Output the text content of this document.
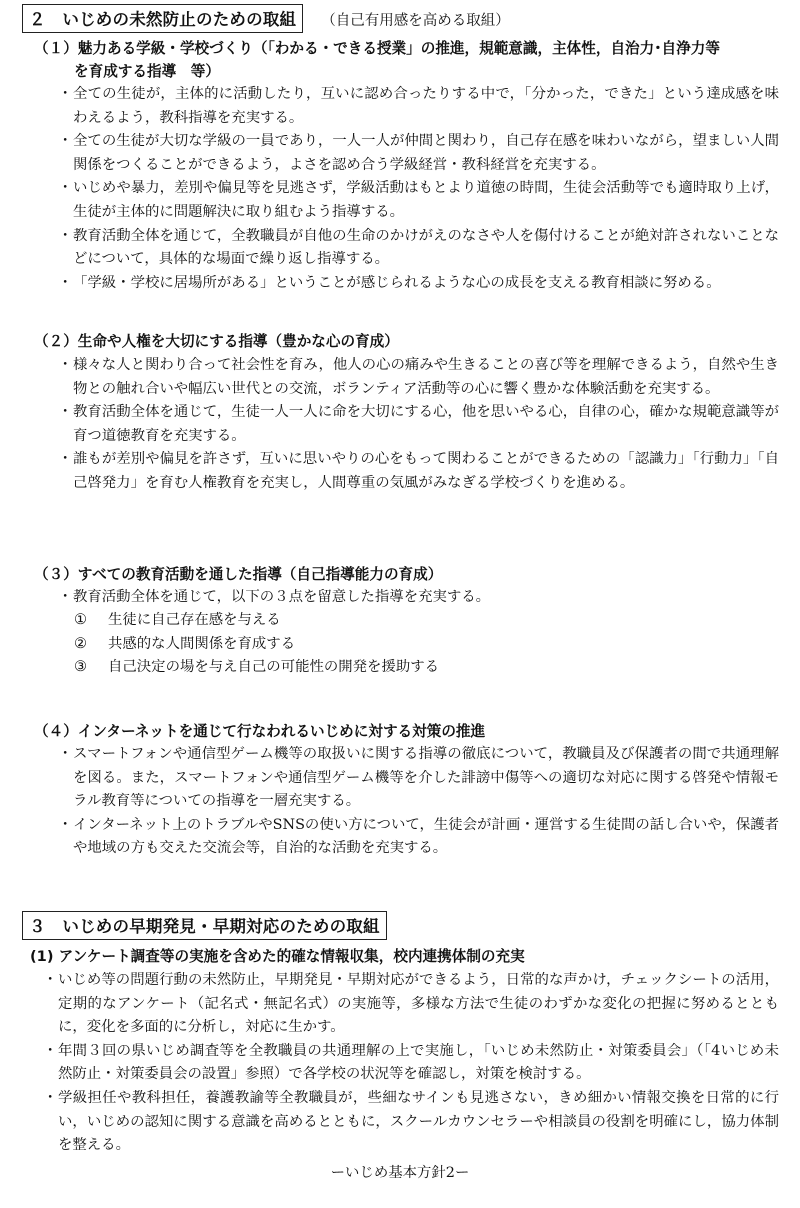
２　いじめの未然防止のための取組	（自己有用感を高める取組）
（１）魅力ある学級・学校づくり（「わかる・できる授業」の推進，規範意識，主体性，自治力･自浄力等
を育成する指導　等）
・ 全ての生徒が，主体的に活動したり，互いに認め合ったりする中で，「分かった，できた」という達成感を味わえるよう，教科指導を充実する。
・ 全ての生徒が大切な学級の一員であり，一人一人が仲間と関わり，自己存在感を味わいながら，望ましい人間関係をつくることができるよう，よさを認め合う学級経営・教科経営を充実する。
・ いじめや暴力，差別や偏見等を見逃さず，学級活動はもとより道徳の時間，生徒会活動等でも適時取り上げ，生徒が主体的に問題解決に取り組むよう指導する。
・ 教育活動全体を通じて，全教職員が自他の生命のかけがえのなさや人を傷付けることが絶対許されないことなどについて，具体的な場面で繰り返し指導する。
・ 「学級・学校に居場所がある」ということが感じられるような心の成長を支える教育相談に努める。
（２）生命や人権を大切にする指導（豊かな心の育成）
・ 様々な人と関わり合って社会性を育み，他人の心の痛みや生きることの喜び等を理解できるよう，自然や生き物との触れ合いや幅広い世代との交流，ボランティア活動等の心に響く豊かな体験活動を充実する。
・ 教育活動全体を通じて，生徒一人一人に命を大切にする心，他を思いやる心，自律の心，確かな規範意識等が育つ道徳教育を充実する。
・ 誰もが差別や偏見を許さず，互いに思いやりの心をもって関わることができるための「認識力」「行動力」「自己啓発力」を育む人権教育を充実し，人間尊重の気風がみなぎる学校づくりを進める。
（３）すべての教育活動を通した指導（自己指導能力の育成）
・ 教育活動全体を通じて，以下の３点を留意した指導を充実する。
① 生徒に自己存在感を与える
② 共感的な人間関係を育成する
③ 自己決定の場を与え自己の可能性の開発を援助する
（４）インターネットを通じて行なわれるいじめに対する対策の推進
・ スマートフォンや通信型ゲーム機等の取扱いに関する指導の徹底について，教職員及び保護者の間で共通理解を図る。また，スマートフォンや通信型ゲーム機等を介した誹謗中傷等への適切な対応に関する啓発や情報モラル教育等についての指導を一層充実する。
・ インターネット上のトラブルやSNSの使い方について，生徒会が計画・運営する生徒間の話し合いや，保護者や地域の方も交えた交流会等，自治的な活動を充実する。
３　いじめの早期発見・早期対応のための取組
(1) アンケート調査等の実施を含めた的確な情報収集，校内連携体制の充実
・ いじめ等の問題行動の未然防止，早期発見・早期対応ができるよう，日常的な声かけ，チェックシートの活用，定期的なアンケート（記名式・無記名式）の実施等，多様な方法で生徒のわずかな変化の把握に努めるとともに，変化を多面的に分析し，対応に生かす。
・ 年間３回の県いじめ調査等を全教職員の共通理解の上で実施し，「いじめ未然防止・対策委員会」（「4いじめ未然防止・対策委員会の設置」参照）で各学校の状況等を確認し，対策を検討する。
・ 学級担任や教科担任，養護教諭等全教職員が，些細なサインも見逃さない，きめ細かい情報交換を日常的に行い，いじめの認知に関する意識を高めるとともに，スクールカウンセラーや相談員の役割を明確にし，協力体制を整える。
ーいじめ基本方針2ー
